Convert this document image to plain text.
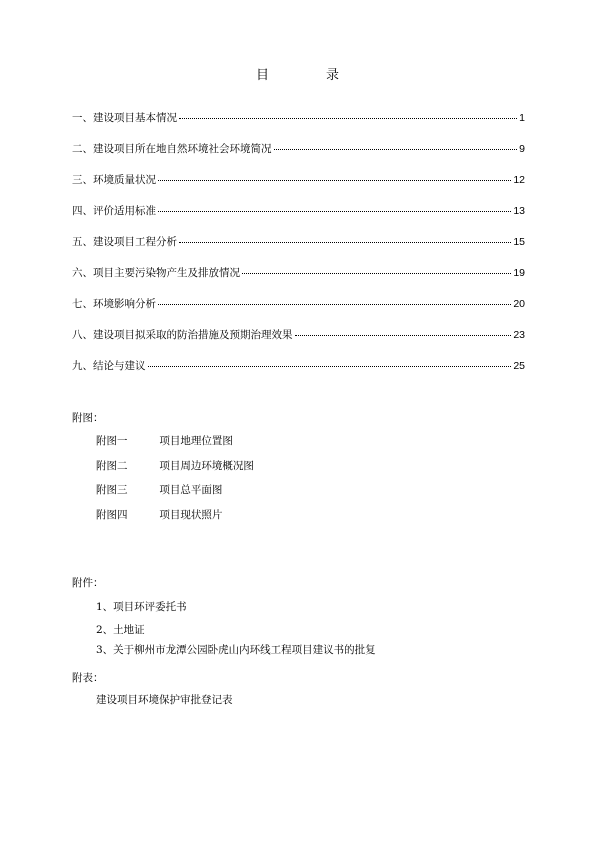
目　录
一、建设项目基本情况	1
二、建设项目所在地自然环境社会环境简况	9
三、环境质量状况	12
四、评价适用标准	13
五、建设项目工程分析	15
六、项目主要污染物产生及排放情况	19
七、环境影响分析	20
八、建设项目拟采取的防治措施及预期治理效果	23
九、结论与建议	25
附图：
附图一	项目地理位置图
附图二	项目周边环境概况图
附图三	项目总平面图
附图四	项目现状照片
附件：
1、项目环评委托书
2、土地证
3、关于柳州市龙潭公园卧虎山内环线工程项目建议书的批复
附表：
建设项目环境保护审批登记表
